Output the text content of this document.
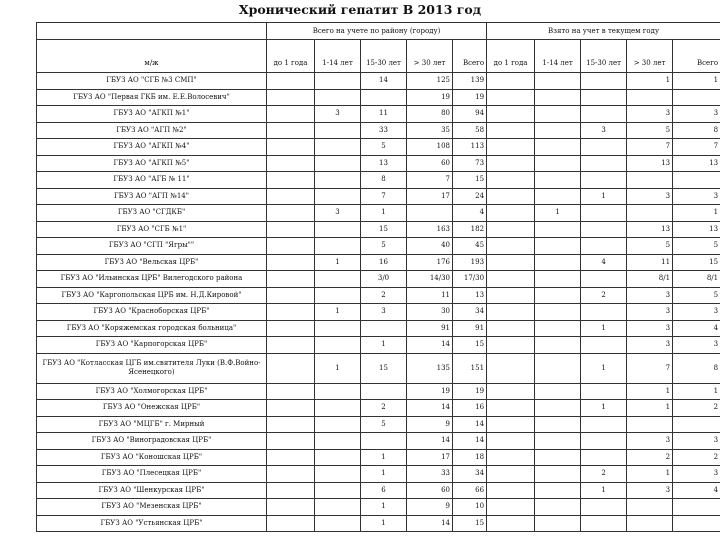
Хронический гепатит В 2013 год
	Всего на учете по району (городу)					Взято на учет в текущем году				
м/ж	до 1 года	1-14 лет	15-30 лет	> 30 лет	Всего	до 1 года	1-14 лет	15-30 лет	> 30 лет	Всего
ГБУЗ АО "СГБ №3 СМП"			14	125	139				1	1
ГБУЗ АО "Первая ГКБ им. Е.Е.Волосевич"				19	19					
ГБУЗ АО "АГКП №1"		3	11	80	94				3	3
ГБУЗ АО "АГП №2"			33	35	58			3	5	8
ГБУЗ АО "АГКП №4"			5	108	113				7	7
ГБУЗ АО "АГКП №5"			13	60	73				13	13
ГБУЗ АО "АГБ № 11"			8	7	15					
ГБУЗ АО "АГП №14"			7	17	24			1	3	3
ГБУЗ АО "СГДКБ"		3	1		4		1			1
ГБУЗ АО "СГБ №1"			15	163	182				13	13
ГБУЗ АО "СГП "Ягры""			5	40	45				5	5
ГБУЗ АО "Вельская ЦРБ"		1	16	176	193			4	11	15
ГБУЗ АО "Ильинская ЦРБ" Вилегодского района			3/0	14/30	17/30				8/1	8/1
ГБУЗ АО "Каргопольская ЦРБ им. Н.Д.Кировой"			2	11	13			2	3	5
ГБУЗ АО "Красноборская ЦРБ"		1	3	30	34				3	3
ГБУЗ АО "Коряжемская городская больница"				91	91			1	3	4
ГБУЗ АО "Карпогорская ЦРБ"			1	14	15				3	3
ГБУЗ АО "Котласская ЦГБ им.святителя Луки (В.Ф.Войно-Ясенецкого)		1	15	135	151			1	7	8
ГБУЗ АО "Холмогорская ЦРБ"				19	19				1	1
ГБУЗ АО "Онежская ЦРБ"			2	14	16			1	1	2
ГБУЗ АО "МЦГБ" г. Мирный			5	9	14					
ГБУЗ АО "Виноградовская ЦРБ"				14	14				3	3
ГБУЗ АО "Коношская ЦРБ"			1	17	18				2	2
ГБУЗ АО "Плесецкая ЦРБ"			1	33	34			2	1	3
ГБУЗ АО "Шенкурская ЦРБ"			6	60	66			1	3	4
ГБУЗ АО "Мезенская ЦРБ"			1	9	10					
ГБУЗ АО "Устьянская ЦРБ"			1	14	15					
